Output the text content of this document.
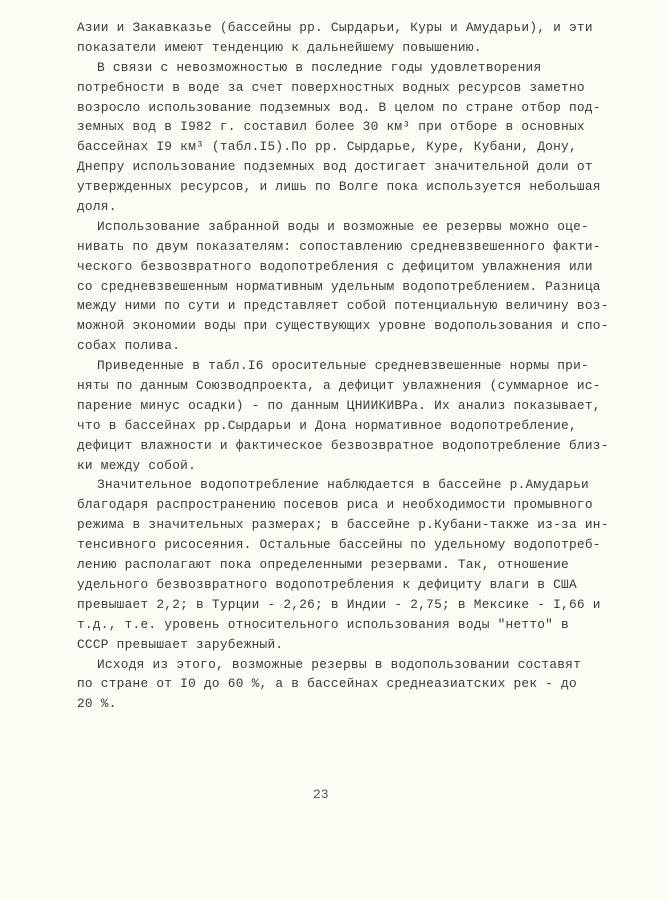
Азии и Закавказье (бассейны рр. Сырдарьи, Куры и Амударьи), и эти
показатели имеют тенденцию к дальнейшему повышению.
В связи с невозможностью в последние годы удовлетворения
потребности в воде за счет поверхностных водных ресурсов заметно
возросло использование подземных вод. В целом по стране отбор под-
земных вод в I982 г. составил более 30 км³ при отборе в основных
бассейнах I9 км³ (табл.I5).По рр. Сырдарье, Куре, Кубани, Дону,
Днепру использование подземных вод достигает значительной доли от
утвержденных ресурсов, и лишь по Волге пока используется небольшая
доля.
Использование забранной воды и возможные ее резервы можно оце-
нивать по двум показателям: сопоставлению средневзвешенного факти-
ческого безвозвратного водопотребления с дефицитом увлажнения или
со средневзвешенным нормативным удельным водопотреблением. Разница
между ними по сути и представляет собой потенциальную величину воз-
можной экономии воды при существующих уровне водопользования и спо-
собах полива.
Приведенные в табл.I6 оросительные средневзвешенные нормы при-
няты по данным Союзводпроекта, а дефицит увлажнения (суммарное ис-
парение минус осадки) - по данным ЦНИИКИВРа. Их анализ показывает,
что в бассейнах рр.Сырдарьи и Дона нормативное водопотребление,
дефицит влажности и фактическое безвозвратное водопотребление близ-
ки между собой.
Значительное водопотребление наблюдается в бассейне р.Амударьи
благодаря распространению посевов риса и необходимости промывного
режима в значительных размерах; в бассейне р.Кубани-также из-за ин-
тенсивного рисосеяния. Остальные бассейны по удельному водопотреб-
лению располагают пока определенными резервами. Так, отношение
удельного безвозвратного водопотребления к дефициту влаги в США
превышает 2,2; в Турции - 2,26; в Индии - 2,75; в Мексике - I,66 и
т.д., т.е. уровень относительного использования воды "нетто" в
СССР превышает зарубежный.
Исходя из этого, возможные резервы в водопользовании составят
по стране от I0 до 60 %, а в бассейнах среднеазиатских рек - до
20 %.
23
